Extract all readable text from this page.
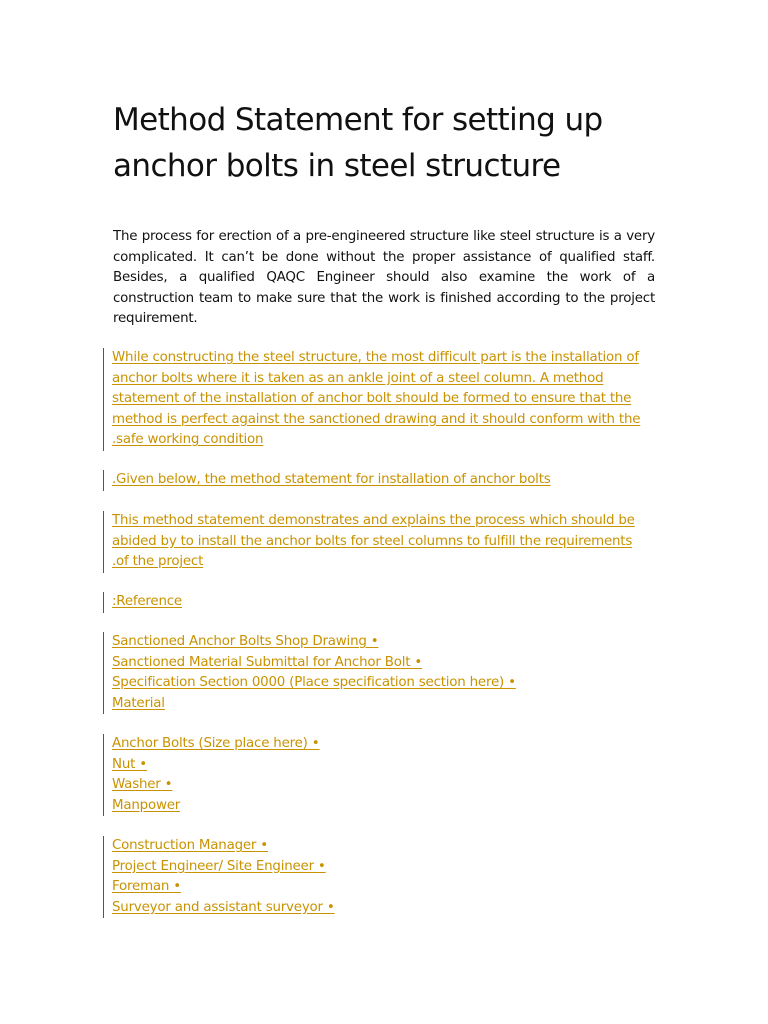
Method Statement for setting up anchor bolts in steel structure

The process for erection of a pre-engineered structure like steel structure is a very complicated. It can’t be done without the proper assistance of qualified staff. Besides, a qualified QAQC Engineer should also examine the work of a construction team to make sure that the work is finished according to the project requirement.

While constructing the steel structure, the most difficult part is the installation of
anchor bolts where it is taken as an ankle joint of a steel column. A method
statement of the installation of anchor bolt should be formed to ensure that the
method is perfect against the sanctioned drawing and it should conform with the
.safe working condition
.Given below, the method statement for installation of anchor bolts
This method statement demonstrates and explains the process which should be
abided by to install the anchor bolts for steel columns to fulfill the requirements
.of the project
:Reference
Sanctioned Anchor Bolts Shop Drawing •
Sanctioned Material Submittal for Anchor Bolt •
Specification Section 0000 (Place specification section here) •
Material
Anchor Bolts (Size place here) •
Nut •
Washer •
Manpower
Construction Manager •
Project Engineer/ Site Engineer •
Foreman •
Surveyor and assistant surveyor •
